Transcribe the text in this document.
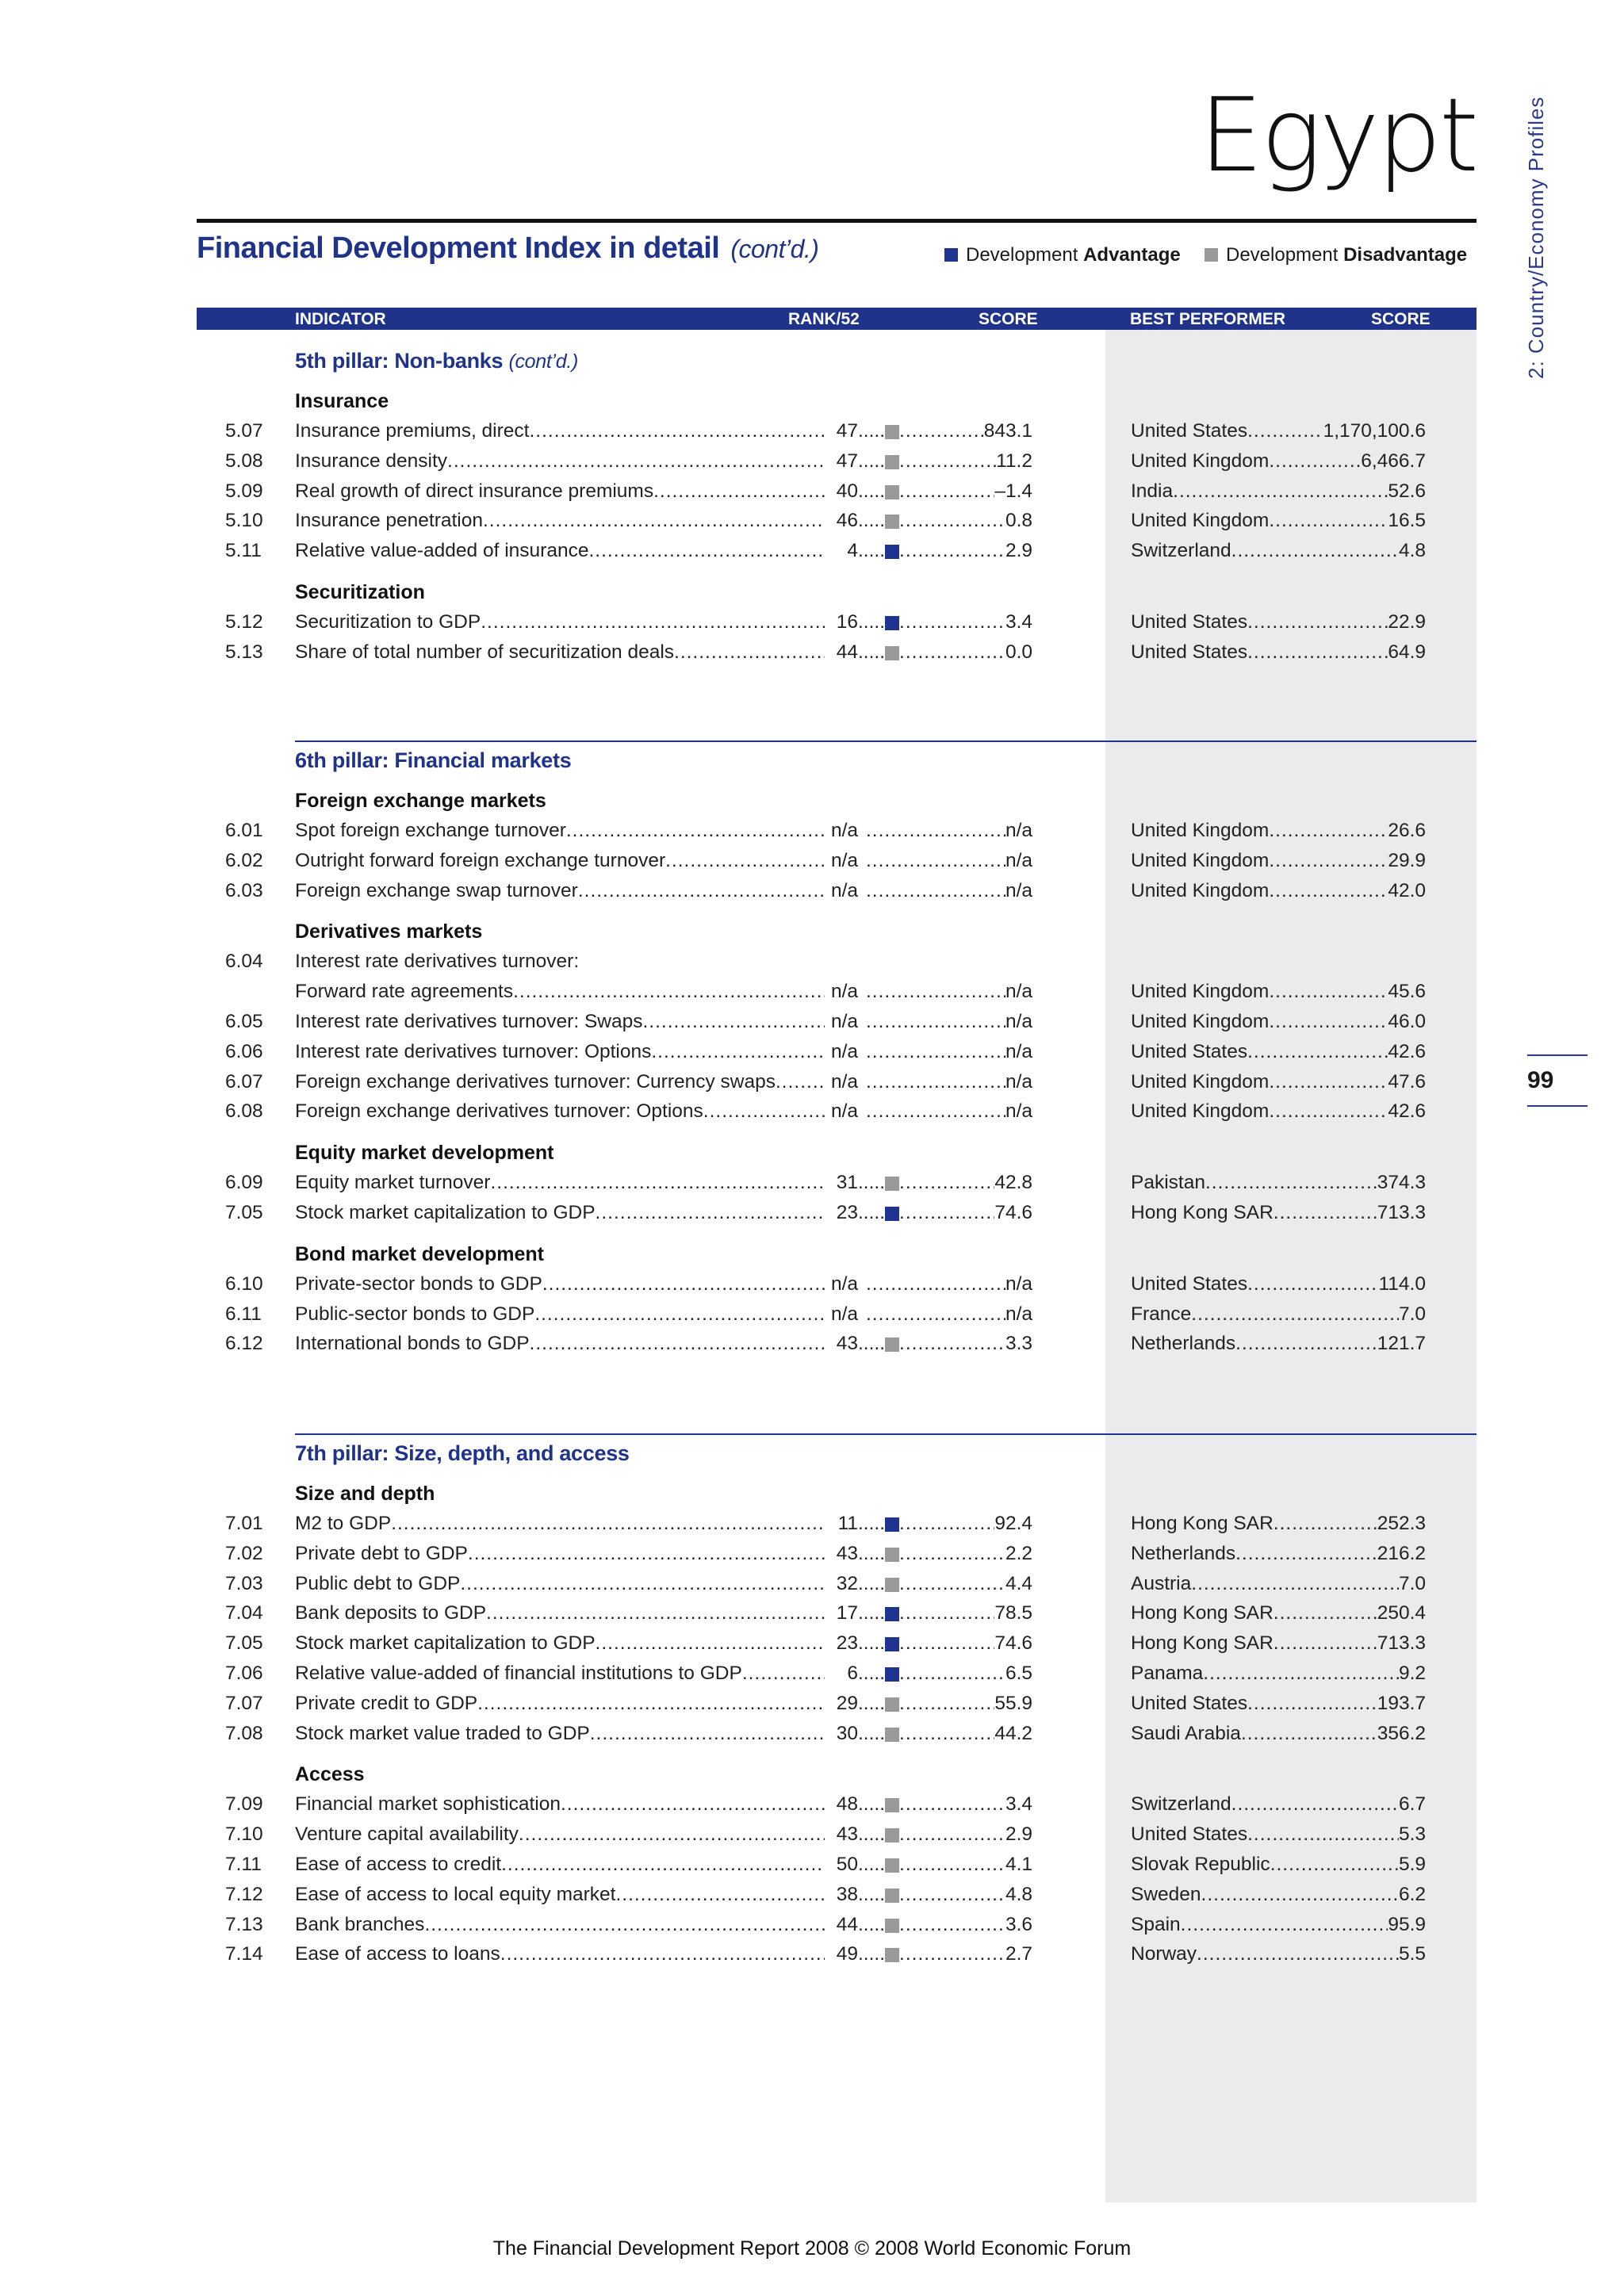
Egypt 2: Country/Economy Profiles
99
Financial Development Index in detail (cont’d.)	Development Advantage	Development Disadvantage
INDICATOR	RANK/52	SCORE	BEST PERFORMER	SCORE
5th pillar: Non-banks (cont’d.)
Insurance
5.07 Insurance premiums, direct .....	47 ..... .....	843.1	United States .....	1,170,100.6
5.08 Insurance density .....	47 ..... .....	11.2	United Kingdom .....	6,466.7
5.09 Real growth of direct insurance premiums .....	40 ..... .....	–1.4	India .....	52.6
5.10 Insurance penetration .....	46 ..... .....	0.8	United Kingdom .....	16.5
5.11 Relative value-added of insurance .....	4 ..... .....	2.9	Switzerland .....	4.8
Securitization
5.12 Securitization to GDP .....	16 ..... .....	3.4	United States .....	22.9
5.13 Share of total number of securitization deals .....	44 ..... .....	0.0	United States .....	64.9
6th pillar: Financial markets
Foreign exchange markets
6.01 Spot foreign exchange turnover .....	n/a .....	n/a	United Kingdom .....	26.6
6.02 Outright forward foreign exchange turnover .....	n/a .....	n/a	United Kingdom .....	29.9
6.03 Foreign exchange swap turnover .....	n/a .....	n/a	United Kingdom .....	42.0
Derivatives markets
6.04 Interest rate derivatives turnover:
Forward rate agreements .....	n/a .....	n/a	United Kingdom .....	45.6
6.05 Interest rate derivatives turnover: Swaps .....	n/a .....	n/a	United Kingdom .....	46.0
6.06 Interest rate derivatives turnover: Options .....	n/a .....	n/a	United States .....	42.6
6.07 Foreign exchange derivatives turnover: Currency swaps .....	n/a .....	n/a	United Kingdom .....	47.6
6.08 Foreign exchange derivatives turnover: Options .....	n/a .....	n/a	United Kingdom .....	42.6
Equity market development
6.09 Equity market turnover .....	31 ..... .....	42.8	Pakistan .....	374.3
7.05 Stock market capitalization to GDP .....	23 ..... .....	74.6	Hong Kong SAR .....	713.3
Bond market development
6.10 Private-sector bonds to GDP .....	n/a .....	n/a	United States .....	114.0
6.11 Public-sector bonds to GDP .....	n/a .....	n/a	France .....	7.0
6.12 International bonds to GDP .....	43 ..... .....	3.3	Netherlands .....	121.7
7th pillar: Size, depth, and access
Size and depth
7.01 M2 to GDP .....	11 ..... .....	92.4	Hong Kong SAR .....	252.3
7.02 Private debt to GDP .....	43 ..... .....	2.2	Netherlands .....	216.2
7.03 Public debt to GDP .....	32 ..... .....	4.4	Austria .....	7.0
7.04 Bank deposits to GDP .....	17 ..... .....	78.5	Hong Kong SAR .....	250.4
7.05 Stock market capitalization to GDP .....	23 ..... .....	74.6	Hong Kong SAR .....	713.3
7.06 Relative value-added of financial institutions to GDP .....	6 ..... .....	6.5	Panama .....	9.2
7.07 Private credit to GDP .....	29 ..... .....	55.9	United States .....	193.7
7.08 Stock market value traded to GDP .....	30 ..... .....	44.2	Saudi Arabia .....	356.2
Access
7.09 Financial market sophistication .....	48 ..... .....	3.4	Switzerland .....	6.7
7.10 Venture capital availability .....	43 ..... .....	2.9	United States .....	5.3
7.11 Ease of access to credit .....	50 ..... .....	4.1	Slovak Republic .....	5.9
7.12 Ease of access to local equity market .....	38 ..... .....	4.8	Sweden .....	6.2
7.13 Bank branches .....	44 ..... .....	3.6	Spain .....	95.9
7.14 Ease of access to loans .....	49 ..... .....	2.7	Norway .....	5.5
The Financial Development Report 2008 © 2008 World Economic Forum
